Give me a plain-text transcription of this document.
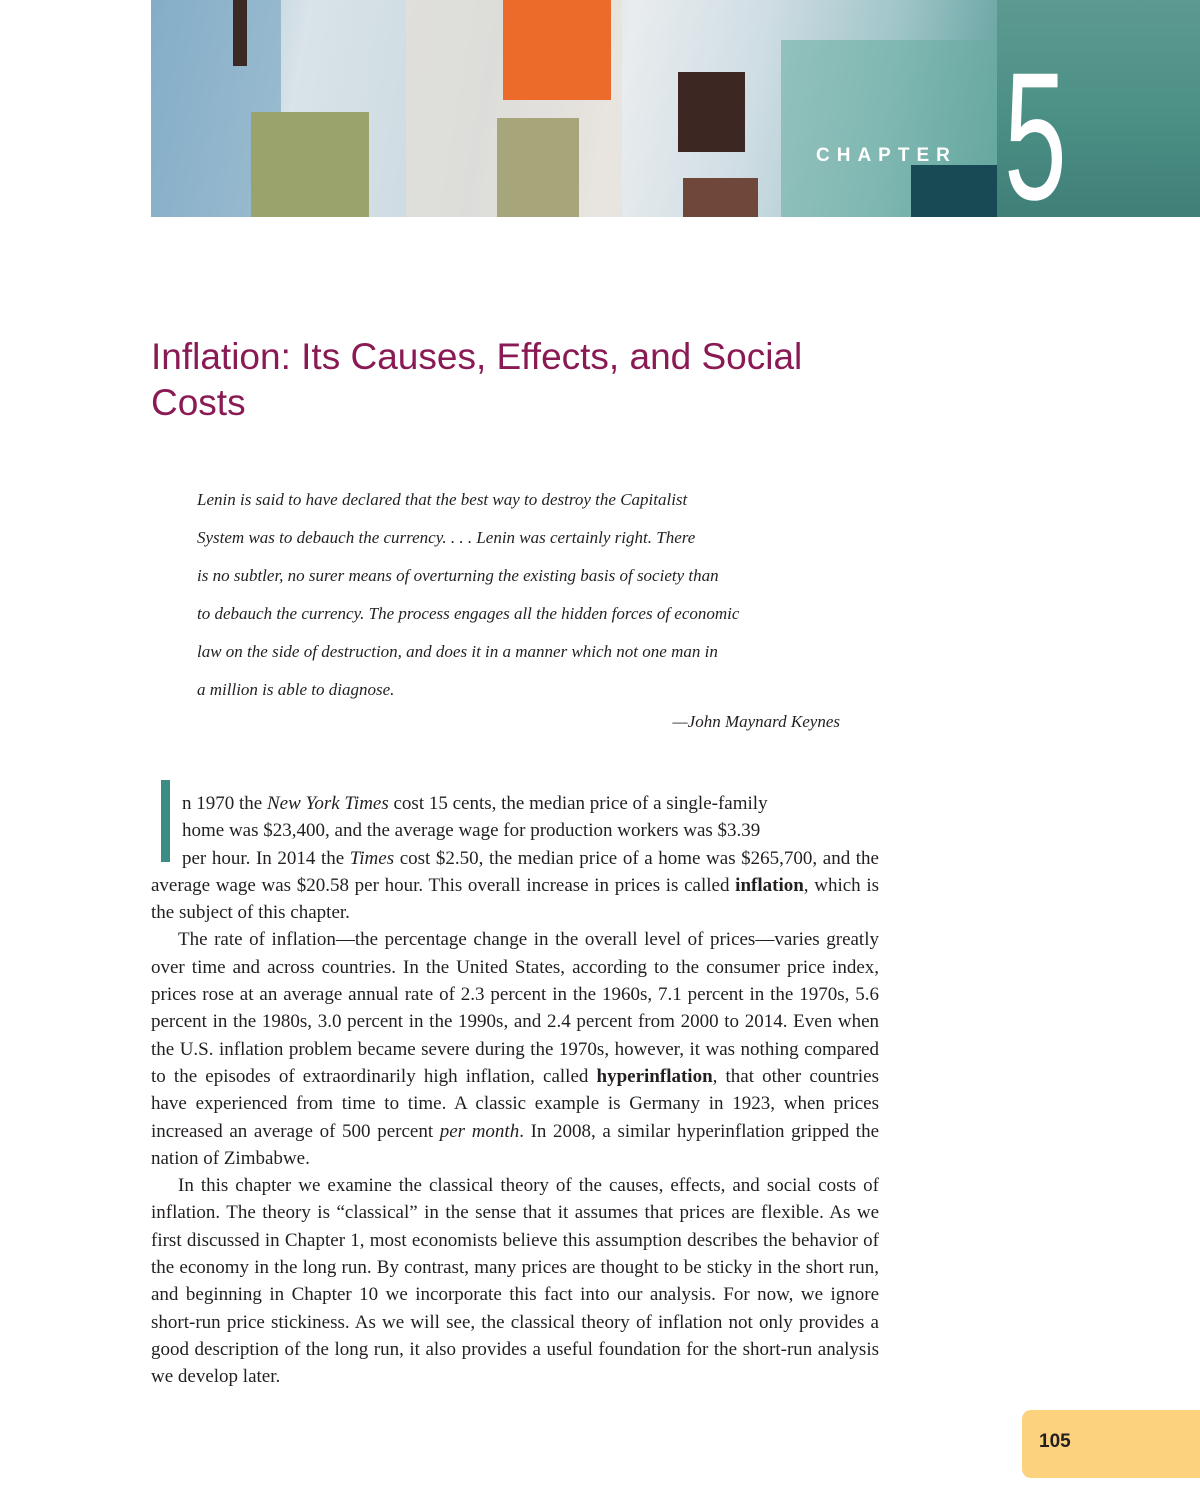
CHAPTER 5
Inflation: Its Causes, Effects, and Social Costs
Lenin is said to have declared that the best way to destroy the Capitalist
System was to debauch the currency. . . . Lenin was certainly right. There
is no subtler, no surer means of overturning the existing basis of society than
to debauch the currency. The process engages all the hidden forces of economic
law on the side of destruction, and does it in a manner which not one man in
a million is able to diagnose.
—John Maynard Keynes

n 1970 the New York Times cost 15 cents, the median price of a single-family
home was $23,400, and the average wage for production workers was $3.39
per hour. In 2014 the Times cost $2.50, the median price of a home was $265,700, and the average wage was $20.58 per hour. This overall increase in prices is called inflation, which is the subject of this chapter.

The rate of inflation—the percentage change in the overall level of prices—varies greatly over time and across countries. In the United States, according to the consumer price index, prices rose at an average annual rate of 2.3 percent in the 1960s, 7.1 percent in the 1970s, 5.6 percent in the 1980s, 3.0 percent in the 1990s, and 2.4 percent from 2000 to 2014. Even when the U.S. inflation problem became severe during the 1970s, however, it was nothing compared to the episodes of extraordinarily high inflation, called hyperinflation, that other countries have experienced from time to time. A classic example is Germany in 1923, when prices increased an average of 500 percent per month. In 2008, a similar hyperinflation gripped the nation of Zimbabwe.

In this chapter we examine the classical theory of the causes, effects, and social costs of inflation. The theory is “classical” in the sense that it assumes that prices are flexible. As we first discussed in Chapter 1, most economists believe this assumption describes the behavior of the economy in the long run. By contrast, many prices are thought to be sticky in the short run, and beginning in Chapter 10 we incorporate this fact into our analysis. For now, we ignore short-run price stickiness. As we will see, the classical theory of inflation not only provides a good description of the long run, it also provides a useful foundation for the short-run analysis we develop later.

105
